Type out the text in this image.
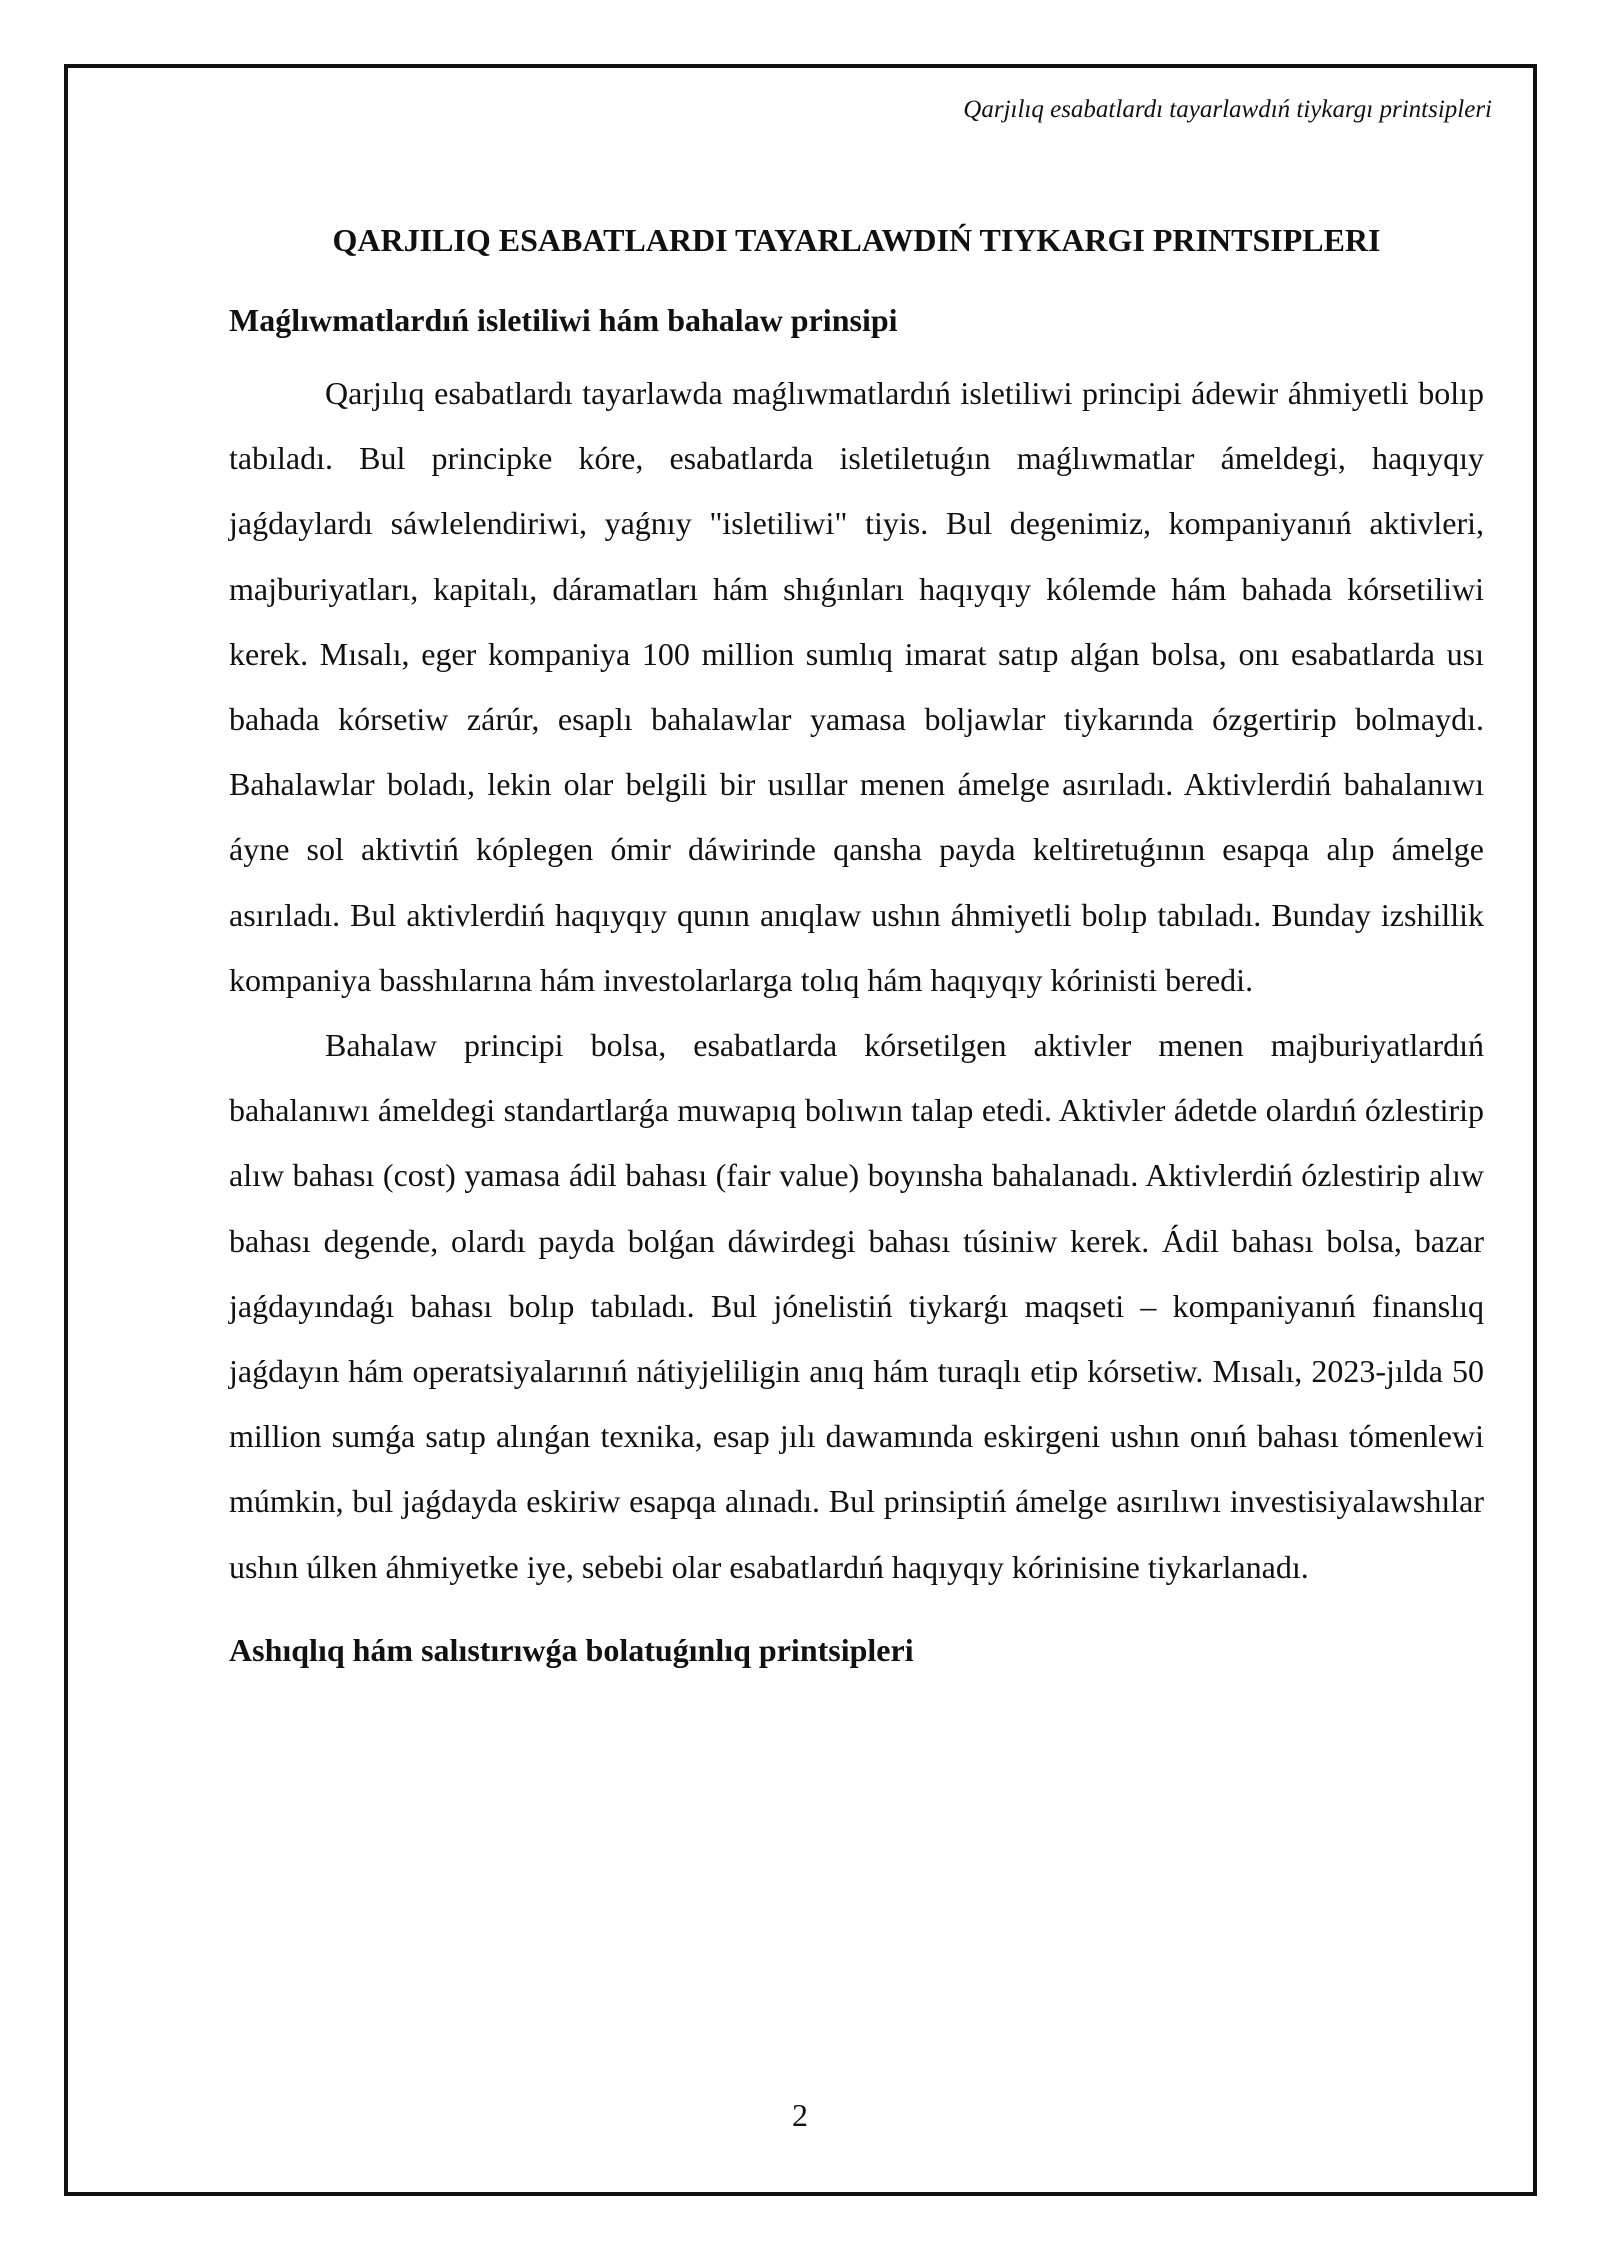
Qarjılıq esabatlardı tayarlawdıń tiykargı printsipleri
QARJILIQ ESABATLARDI TAYARLAWDIŃ TIYKARGI PRINTSIPLERI
Maǵlıwmatlardıń isletiliwi hám bahalaw prinsipi

Qarjılıq esabatlardı tayarlawda maǵlıwmatlardıń isletiliwi principi ádewir áhmiyetli bolıp tabıladı. Bul principke kóre, esabatlarda isletiletuǵın maǵlıwmatlar ámeldegi, haqıyqıy jaǵdaylardı sáwlelendiriwi, yaǵnıy "isletiliwi" tiyis. Bul degenimiz, kompaniyanıń aktivleri, majburiyatları, kapitalı, dáramatları hám shıǵınları haqıyqıy kólemde hám bahada kórsetiliwi kerek. Mısalı, eger kompaniya 100 million sumlıq imarat satıp alǵan bolsa, onı esabatlarda usı bahada kórsetiw zárúr, esaplı bahalawlar yamasa boljawlar tiykarında ózgertirip bolmaydı. Bahalawlar boladı, lekin olar belgili bir usıllar menen ámelge asırıladı. Aktivlerdiń bahalanıwı áyne sol aktivtiń kóplegen ómir dáwirinde qansha payda keltiretuǵının esapqa alıp ámelge asırıladı. Bul aktivlerdiń haqıyqıy qunın anıqlaw ushın áhmiyetli bolıp tabıladı. Bunday izshillik kompaniya basshılarına hám investolarlarga tolıq hám haqıyqıy kórinisti beredi.

Bahalaw principi bolsa, esabatlarda kórsetilgen aktivler menen majburiyatlardıń bahalanıwı ámeldegi standartlarǵa muwapıq bolıwın talap etedi. Aktivler ádetde olardıń ózlestirip alıw bahası (cost) yamasa ádil bahası (fair value) boyınsha bahalanadı. Aktivlerdiń ózlestirip alıw bahası degende, olardı payda bolǵan dáwirdegi bahası túsiniw kerek. Ádil bahası bolsa, bazar jaǵdayındaǵı bahası bolıp tabıladı. Bul jónelistiń tiykarǵı maqseti – kompaniyanıń finanslıq jaǵdayın hám operatsiyalarınıń nátiyjeliligin anıq hám turaqlı etip kórsetiw. Mısalı, 2023-jılda 50 million sumǵa satıp alınǵan texnika, esap jılı dawamında eskirgeni ushın onıń bahası tómenlewi múmkin, bul jaǵdayda eskiriw esapqa alınadı. Bul prinsiptiń ámelge asırılıwı investisiyalawshılar ushın úlken áhmiyetke iye, sebebi olar esabatlardıń haqıyqıy kórinisine tiykarlanadı.

Ashıqlıq hám salıstırıwǵa bolatuǵınlıq printsipleri
2
